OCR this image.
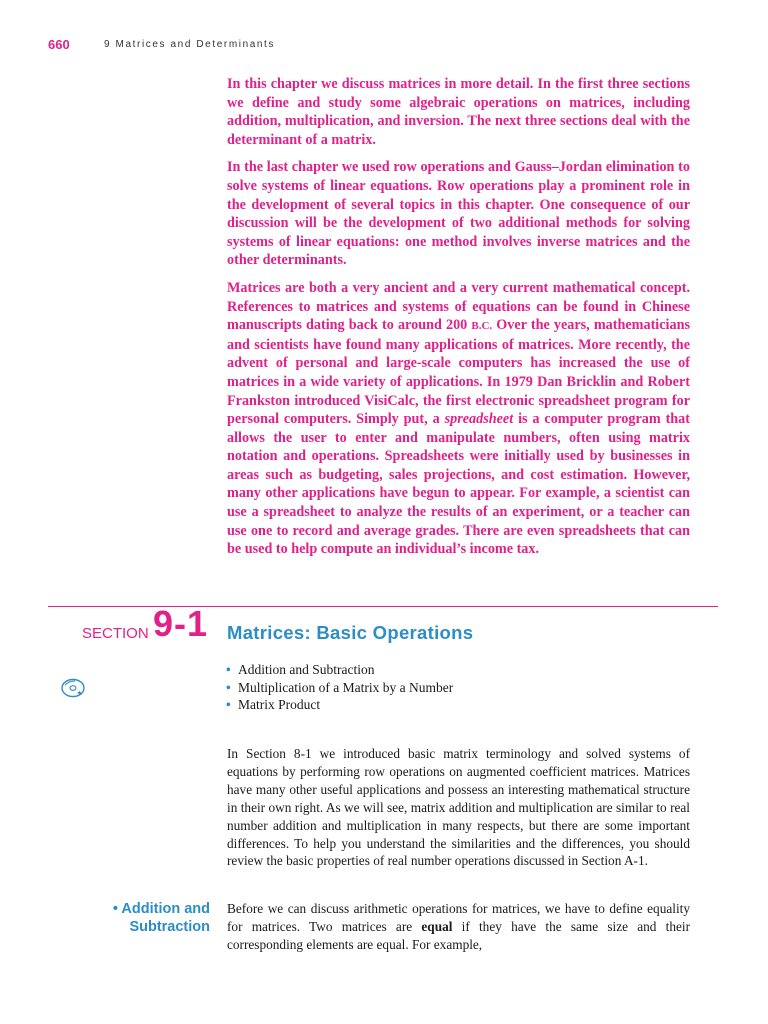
660	9 Matrices and Determinants

In this chapter we discuss matrices in more detail. In the first three sections we define and study some algebraic operations on matrices, including addition, multiplication, and inversion. The next three sections deal with the determinant of a matrix.

In the last chapter we used row operations and Gauss–Jordan elimination to solve systems of linear equations. Row operations play a prominent role in the development of several topics in this chapter. One consequence of our discussion will be the development of two additional methods for solving systems of linear equations: one method involves inverse matrices and the other determinants.

Matrices are both a very ancient and a very current mathematical concept. References to matrices and systems of equations can be found in Chinese manuscripts dating back to around 200 B.C. Over the years, mathematicians and scientists have found many applications of matrices. More recently, the advent of personal and large-scale computers has increased the use of matrices in a wide variety of applications. In 1979 Dan Bricklin and Robert Frankston introduced VisiCalc, the first electronic spreadsheet program for personal computers. Simply put, a spreadsheet is a computer program that allows the user to enter and manipulate numbers, often using matrix notation and operations. Spreadsheets were initially used by businesses in areas such as budgeting, sales projections, and cost estimation. However, many other applications have begun to appear. For example, a scientist can use a spreadsheet to analyze the results of an experiment, or a teacher can use one to record and average grades. There are even spreadsheets that can be used to help compute an individual’s income tax.

SECTION 9-1 Matrices: Basic Operations
• Addition and Subtraction
• Multiplication of a Matrix by a Number
• Matrix Product

In Section 8-1 we introduced basic matrix terminology and solved systems of equations by performing row operations on augmented coefficient matrices. Matrices have many other useful applications and possess an interesting mathematical structure in their own right. As we will see, matrix addition and multiplication are similar to real number addition and multiplication in many respects, but there are some important differences. To help you understand the similarities and the differences, you should review the basic properties of real number operations discussed in Section A-1.

• Addition and
Subtraction

Before we can discuss arithmetic operations for matrices, we have to define equality for matrices. Two matrices are equal if they have the same size and their corresponding elements are equal. For example,
